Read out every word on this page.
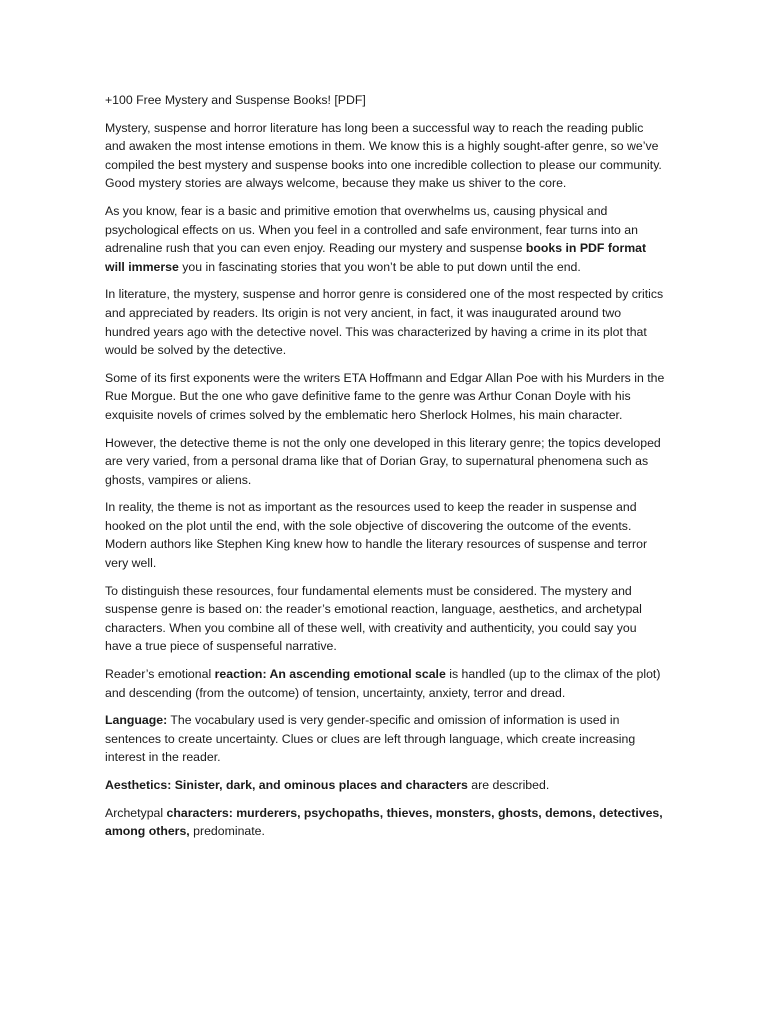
+100 Free Mystery and Suspense Books! [PDF]

Mystery, suspense and horror literature has long been a successful way to reach the reading public and awaken the most intense emotions in them. We know this is a highly sought-after genre, so we’ve compiled the best mystery and suspense books into one incredible collection to please our community. Good mystery stories are always welcome, because they make us shiver to the core.

As you know, fear is a basic and primitive emotion that overwhelms us, causing physical and psychological effects on us. When you feel in a controlled and safe environment, fear turns into an adrenaline rush that you can even enjoy. Reading our mystery and suspense books in PDF format will immerse you in fascinating stories that you won’t be able to put down until the end.

In literature, the mystery, suspense and horror genre is considered one of the most respected by critics and appreciated by readers. Its origin is not very ancient, in fact, it was inaugurated around two hundred years ago with the detective novel. This was characterized by having a crime in its plot that would be solved by the detective.

Some of its first exponents were the writers ETA Hoffmann and Edgar Allan Poe with his Murders in the Rue Morgue. But the one who gave definitive fame to the genre was Arthur Conan Doyle with his exquisite novels of crimes solved by the emblematic hero Sherlock Holmes, his main character.

However, the detective theme is not the only one developed in this literary genre; the topics developed are very varied, from a personal drama like that of Dorian Gray, to supernatural phenomena such as ghosts, vampires or aliens.

In reality, the theme is not as important as the resources used to keep the reader in suspense and hooked on the plot until the end, with the sole objective of discovering the outcome of the events. Modern authors like Stephen King knew how to handle the literary resources of suspense and terror very well.

To distinguish these resources, four fundamental elements must be considered. The mystery and suspense genre is based on: the reader’s emotional reaction, language, aesthetics, and archetypal characters. When you combine all of these well, with creativity and authenticity, you could say you have a true piece of suspenseful narrative.

Reader’s emotional reaction: An ascending emotional scale is handled (up to the climax of the plot) and descending (from the outcome) of tension, uncertainty, anxiety, terror and dread.

Language: The vocabulary used is very gender-specific and omission of information is used in sentences to create uncertainty. Clues or clues are left through language, which create increasing interest in the reader.

Aesthetics: Sinister, dark, and ominous places and characters are described.

Archetypal characters: murderers, psychopaths, thieves, monsters, ghosts, demons, detectives, among others, predominate.
